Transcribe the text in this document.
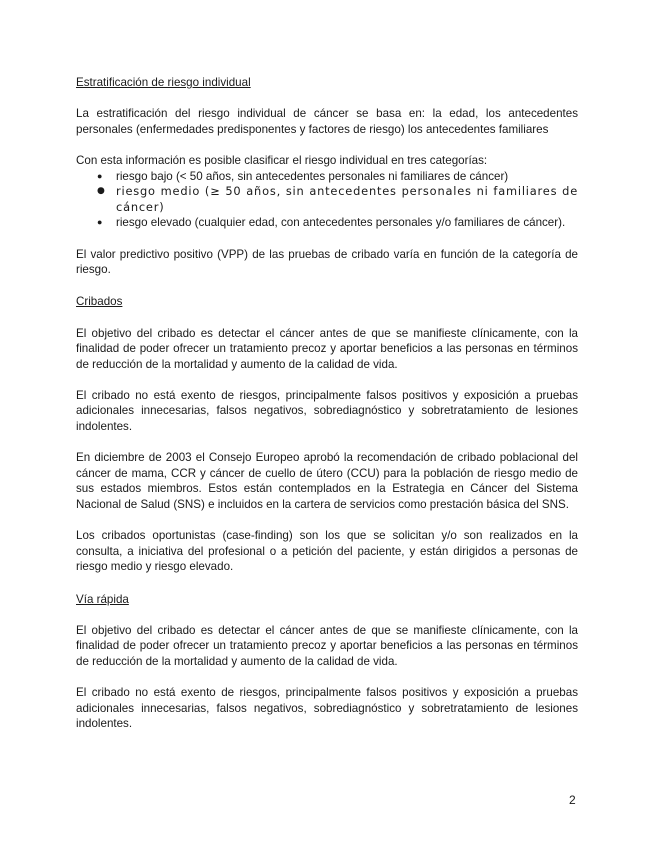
Estratificación de riesgo individual

La estratificación del riesgo individual de cáncer se basa en: la edad, los antecedentes personales (enfermedades predisponentes y factores de riesgo) los antecedentes familiares

Con esta información es posible clasificar el riesgo individual en tres categorías:

● riesgo bajo (< 50 años, sin antecedentes personales ni familiares de cáncer)
● riesgo medio (≥ 50 años, sin antecedentes personales ni familiares de cáncer)
● riesgo elevado (cualquier edad, con antecedentes personales y/o familiares de cáncer).

El valor predictivo positivo (VPP) de las pruebas de cribado varía en función de la categoría de riesgo.

Cribados

El objetivo del cribado es detectar el cáncer antes de que se manifieste clínicamente, con la finalidad de poder ofrecer un tratamiento precoz y aportar beneficios a las personas en términos de reducción de la mortalidad y aumento de la calidad de vida.

El cribado no está exento de riesgos, principalmente falsos positivos y exposición a pruebas adicionales innecesarias, falsos negativos, sobrediagnóstico y sobretratamiento de lesiones indolentes.

En diciembre de 2003 el Consejo Europeo aprobó la recomendación de cribado poblacional del cáncer de mama, CCR y cáncer de cuello de útero (CCU) para la población de riesgo medio de sus estados miembros. Estos están contemplados en la Estrategia en Cáncer del Sistema Nacional de Salud (SNS) e incluidos en la cartera de servicios como prestación básica del SNS.

Los cribados oportunistas (case-finding) son los que se solicitan y/o son realizados en la consulta, a iniciativa del profesional o a petición del paciente, y están dirigidos a personas de riesgo medio y riesgo elevado.

Vía rápida

El objetivo del cribado es detectar el cáncer antes de que se manifieste clínicamente, con la finalidad de poder ofrecer un tratamiento precoz y aportar beneficios a las personas en términos de reducción de la mortalidad y aumento de la calidad de vida.

El cribado no está exento de riesgos, principalmente falsos positivos y exposición a pruebas adicionales innecesarias, falsos negativos, sobrediagnóstico y sobretratamiento de lesiones indolentes.

2
